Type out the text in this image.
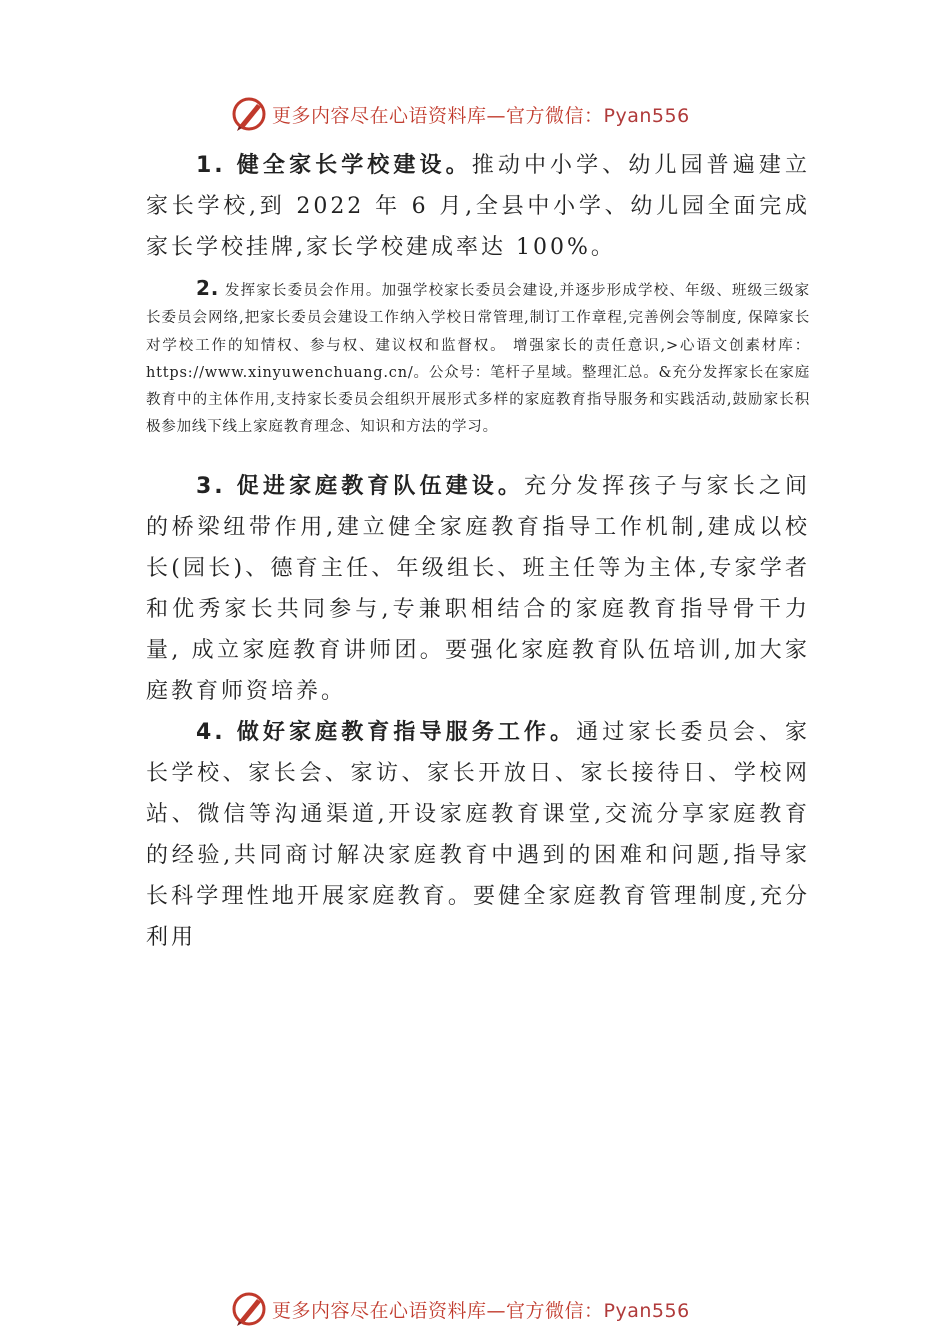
更多内容尽在心语资料库—官方微信：Pyan556

1. 健全家长学校建设。推动中小学、幼儿园普遍建立家长学校,到 2022 年 6 月,全县中小学、幼儿园全面完成家长学校挂牌,家长学校建成率达 100%。

2. 发挥家长委员会作用。加强学校家长委员会建设,并逐步形成学校、年级、班级三级家长委员会网络,把家长委员会建设工作纳入学校日常管理,制订工作章程,完善例会等制度, 保障家长对学校工作的知情权、参与权、建议权和监督权。 增强家长的责任意识,>心语文创素材库：https://www.xinyuwenchuang.cn/。公众号：笔杆子星域。整理汇总。&充分发挥家长在家庭教育中的主体作用,支持家长委员会组织开展形式多样的家庭教育指导服务和实践活动,鼓励家长积极参加线下线上家庭教育理念、知识和方法的学习。

3. 促进家庭教育队伍建设。充分发挥孩子与家长之间的桥梁纽带作用,建立健全家庭教育指导工作机制,建成以校长(园长)、德育主任、年级组长、班主任等为主体,专家学者和优秀家长共同参与,专兼职相结合的家庭教育指导骨干力量, 成立家庭教育讲师团。要强化家庭教育队伍培训,加大家庭教育师资培养。

4. 做好家庭教育指导服务工作。通过家长委员会、家长学校、家长会、家访、家长开放日、家长接待日、学校网站、微信等沟通渠道,开设家庭教育课堂,交流分享家庭教育的经验,共同商讨解决家庭教育中遇到的困难和问题,指导家长科学理性地开展家庭教育。要健全家庭教育管理制度,充分利用

更多内容尽在心语资料库—官方微信：Pyan556
